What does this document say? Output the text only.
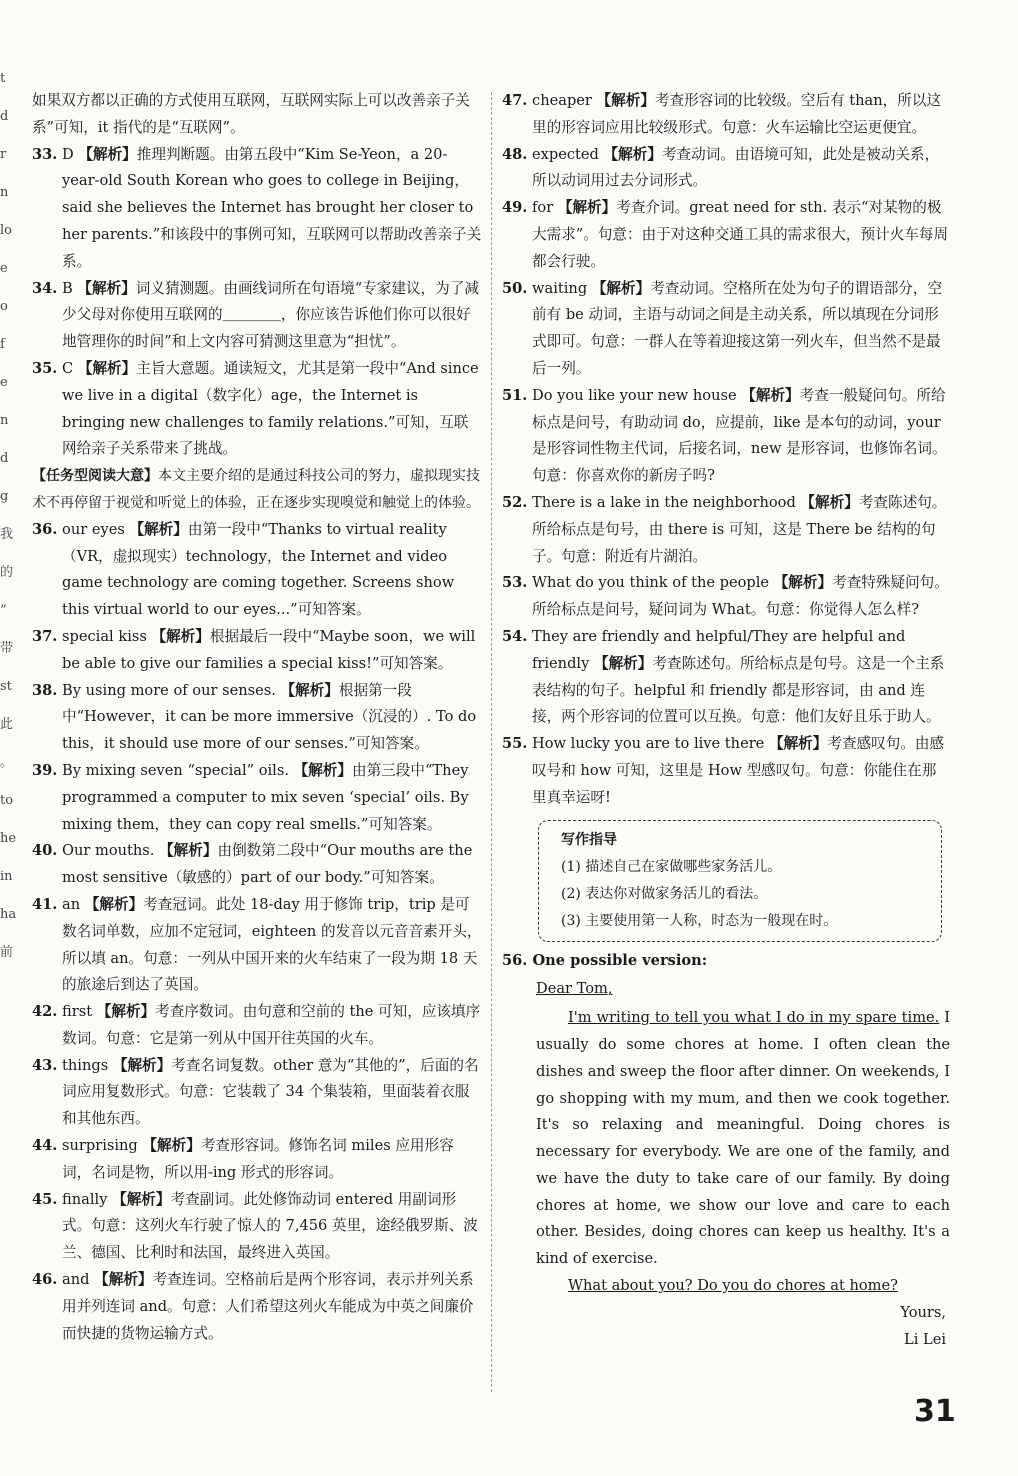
t
d
r
n
lo
e
o
f
e
n
d
g
我
的
”
带
st
此
。
to
he
in
ha
前

如果双方都以正确的方式使用互联网，互联网实际上可以改善亲子关系”可知，it 指代的是“互联网”。

33. D 【解析】推理判断题。由第五段中“Kim Se-Yeon，a 20-year-old South Korean who goes to college in Beijing，said she believes the Internet has brought her closer to her parents.”和该段中的事例可知，互联网可以帮助改善亲子关系。

34. B 【解析】词义猜测题。由画线词所在句语境“专家建议，为了减少父母对你使用互联网的＿＿＿＿，你应该告诉他们你可以很好地管理你的时间”和上文内容可猜测这里意为“担忧”。

35. C 【解析】主旨大意题。通读短文，尤其是第一段中“And since we live in a digital（数字化）age，the Internet is bringing new challenges to family relations.”可知，互联网给亲子关系带来了挑战。

【任务型阅读大意】本文主要介绍的是通过科技公司的努力，虚拟现实技术不再停留于视觉和听觉上的体验，正在逐步实现嗅觉和触觉上的体验。

36. our eyes 【解析】由第一段中“Thanks to virtual reality（VR，虚拟现实）technology，the Internet and video game technology are coming together. Screens show this virtual world to our eyes...”可知答案。

37. special kiss 【解析】根据最后一段中“Maybe soon，we will be able to give our families a special kiss!”可知答案。

38. By using more of our senses. 【解析】根据第一段中“However，it can be more immersive（沉浸的）. To do this，it should use more of our senses.”可知答案。

39. By mixing seven “special” oils. 【解析】由第三段中“They programmed a computer to mix seven ‘special’ oils. By mixing them，they can copy real smells.”可知答案。

40. Our mouths. 【解析】由倒数第二段中“Our mouths are the most sensitive（敏感的）part of our body.”可知答案。

41. an 【解析】考查冠词。此处 18-day 用于修饰 trip，trip 是可数名词单数，应加不定冠词，eighteen 的发音以元音音素开头，所以填 an。句意：一列从中国开来的火车结束了一段为期 18 天的旅途后到达了英国。

42. first 【解析】考查序数词。由句意和空前的 the 可知，应该填序数词。句意：它是第一列从中国开往英国的火车。

43. things 【解析】考查名词复数。other 意为“其他的”，后面的名词应用复数形式。句意：它装载了 34 个集装箱，里面装着衣服和其他东西。

44. surprising 【解析】考查形容词。修饰名词 miles 应用形容词，名词是物，所以用-ing 形式的形容词。

45. finally 【解析】考查副词。此处修饰动词 entered 用副词形式。句意：这列火车行驶了惊人的 7,456 英里，途经俄罗斯、波兰、德国、比利时和法国，最终进入英国。

46. and 【解析】考查连词。空格前后是两个形容词，表示并列关系用并列连词 and。句意：人们希望这列火车能成为中英之间廉价而快捷的货物运输方式。

47. cheaper 【解析】考查形容词的比较级。空后有 than，所以这里的形容词应用比较级形式。句意：火车运输比空运更便宜。

48. expected 【解析】考查动词。由语境可知，此处是被动关系，所以动词用过去分词形式。

49. for 【解析】考查介词。great need for sth. 表示“对某物的极大需求”。句意：由于对这种交通工具的需求很大，预计火车每周都会行驶。

50. waiting 【解析】考查动词。空格所在处为句子的谓语部分，空前有 be 动词，主语与动词之间是主动关系，所以填现在分词形式即可。句意：一群人在等着迎接这第一列火车，但当然不是最后一列。

51. Do you like your new house 【解析】考查一般疑问句。所给标点是问号，有助动词 do，应提前，like 是本句的动词，your 是形容词性物主代词，后接名词，new 是形容词，也修饰名词。句意：你喜欢你的新房子吗?

52. There is a lake in the neighborhood 【解析】考查陈述句。所给标点是句号，由 there is 可知，这是 There be 结构的句子。句意：附近有片湖泊。

53. What do you think of the people 【解析】考查特殊疑问句。所给标点是问号，疑问词为 What。句意：你觉得人怎么样?

54. They are friendly and helpful/They are helpful and friendly 【解析】考查陈述句。所给标点是句号。这是一个主系表结构的句子。helpful 和 friendly 都是形容词，由 and 连接，两个形容词的位置可以互换。句意：他们友好且乐于助人。

55. How lucky you are to live there 【解析】考查感叹句。由感叹号和 how 可知，这里是 How 型感叹句。句意：你能住在那里真幸运呀!

写作指导
(1) 描述自己在家做哪些家务活儿。
(2) 表达你对做家务活儿的看法。
(3) 主要使用第一人称，时态为一般现在时。
56. One possible version:
Dear Tom,

I'm writing to tell you what I do in my spare time. I usually do some chores at home. I often clean the dishes and sweep the floor after dinner. On weekends, I go shopping with my mum, and then we cook together. It's so relaxing and meaningful. Doing chores is necessary for everybody. We are one of the family, and we have the duty to take care of our family. By doing chores at home, we show our love and care to each other. Besides, doing chores can keep us healthy. It's a kind of exercise.

What about you? Do you do chores at home?

Yours,
Li Lei
31
